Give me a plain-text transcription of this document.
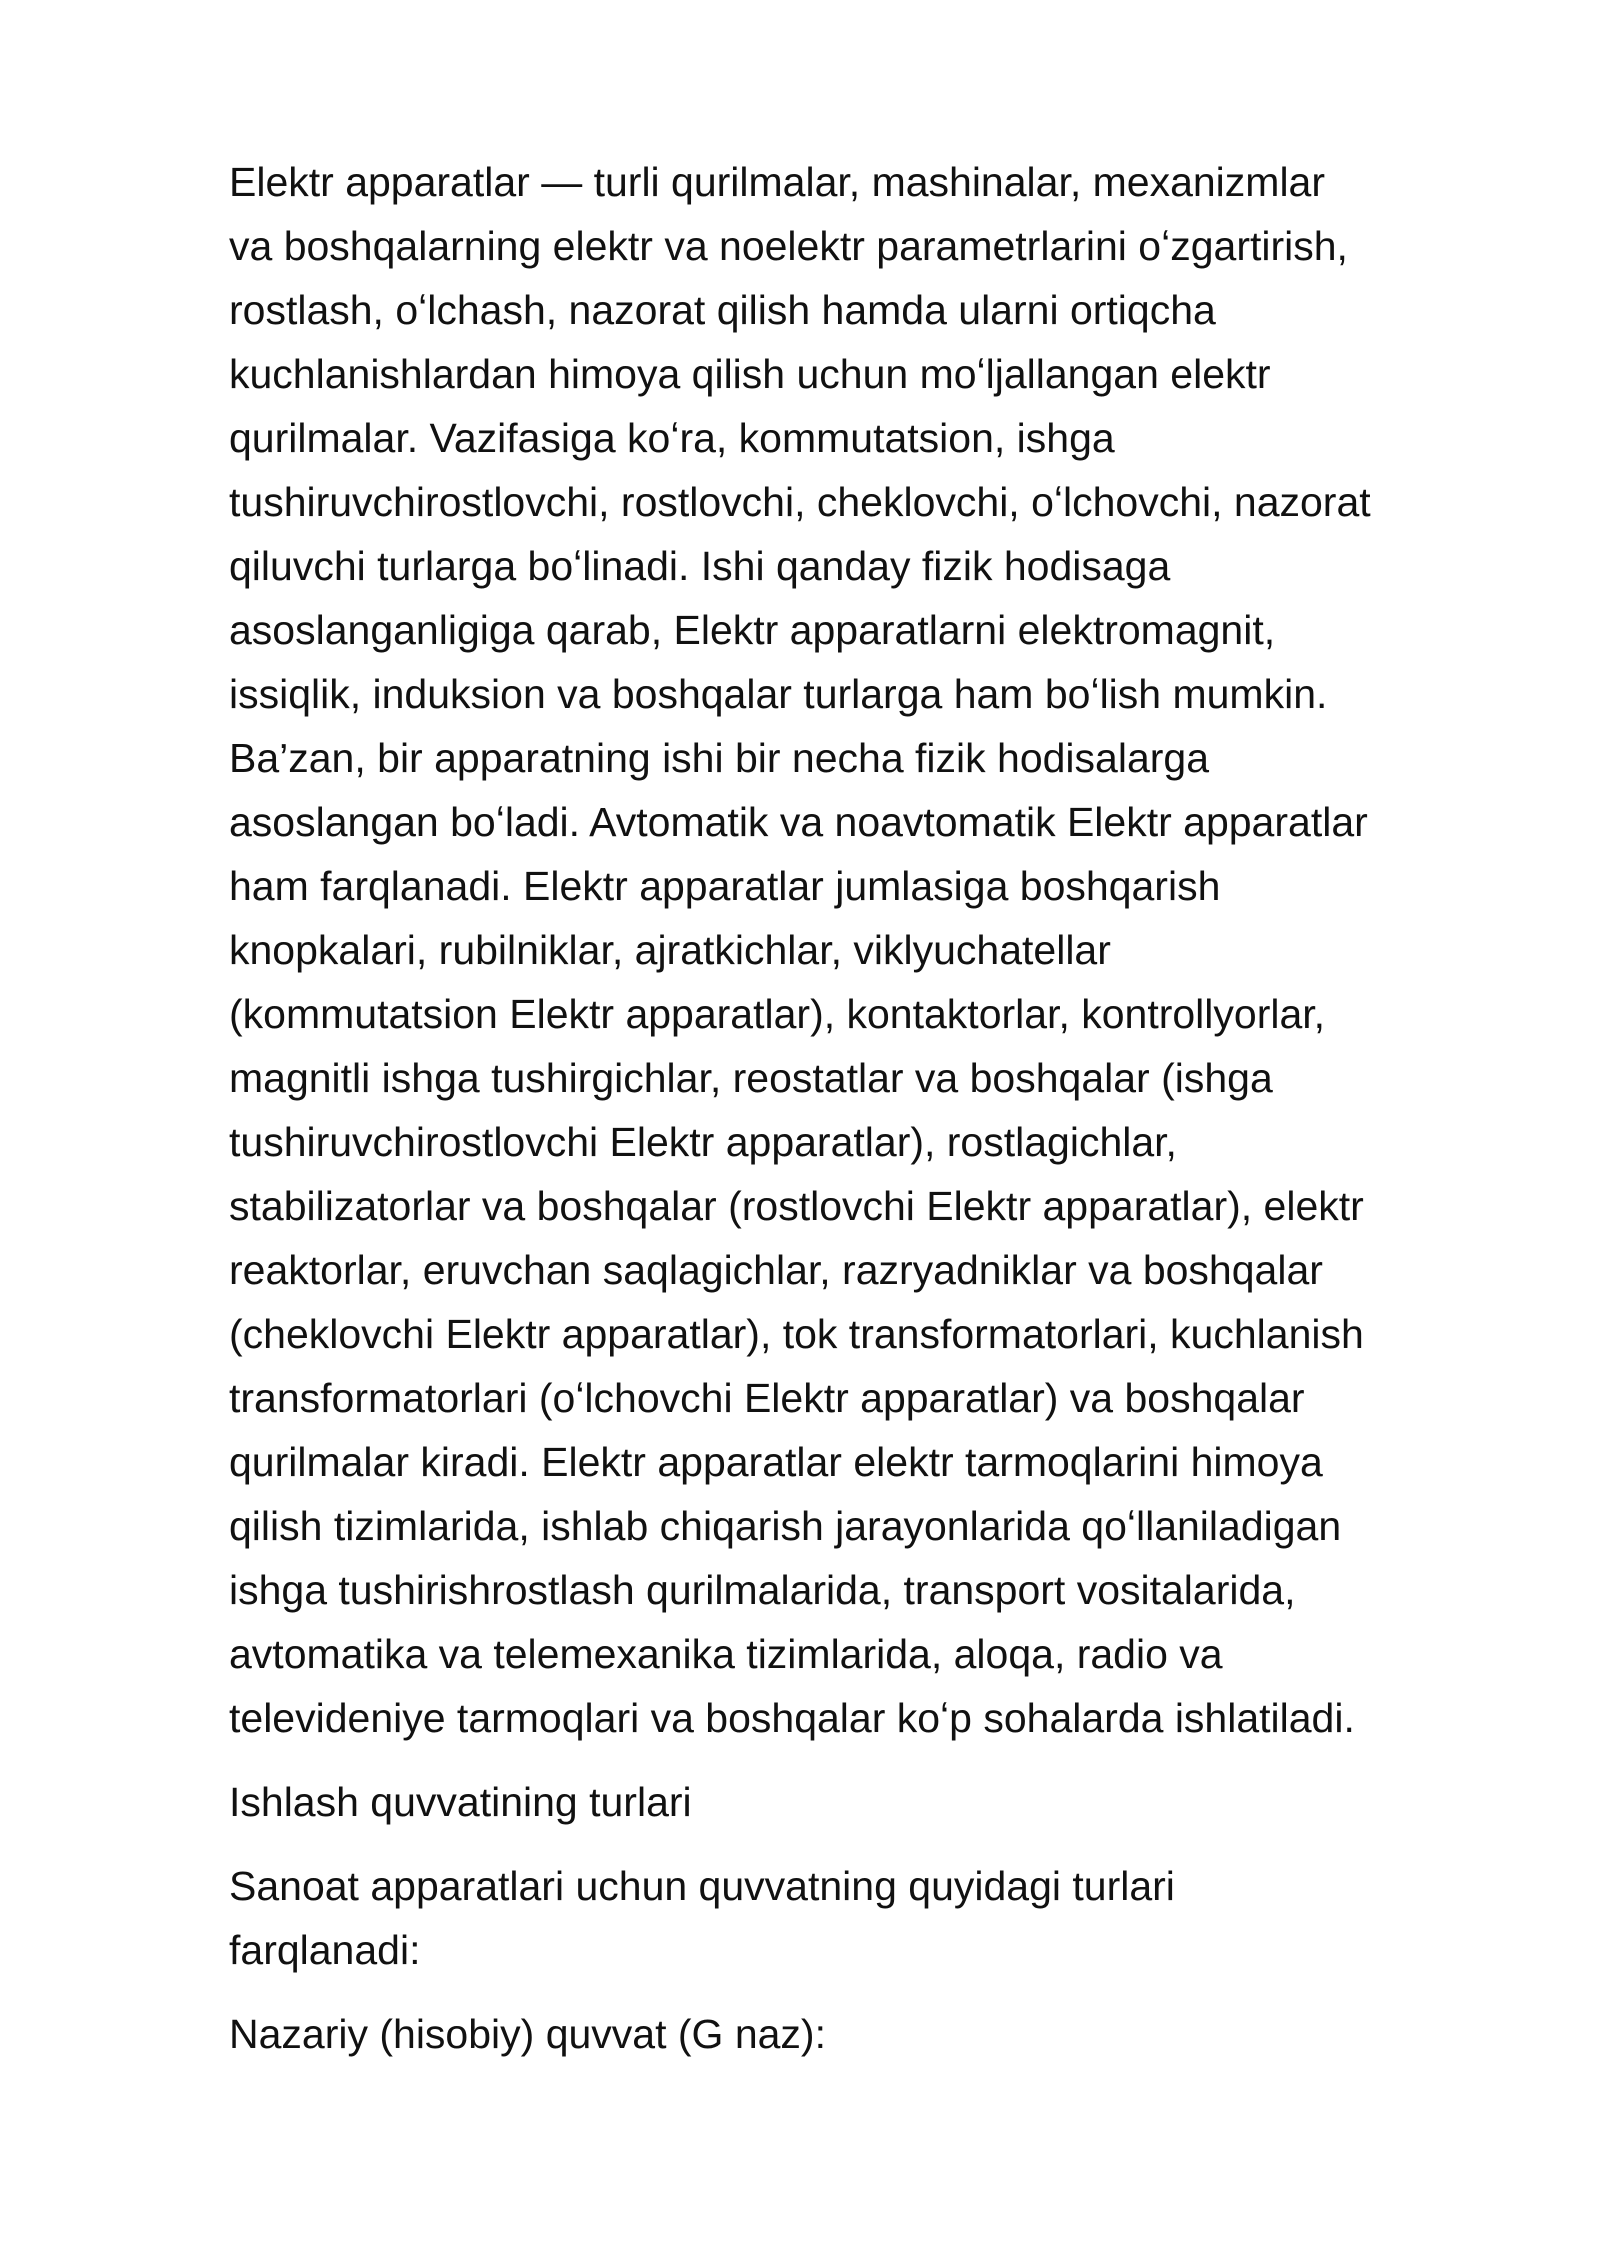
Elektr apparatlar — turli qurilmalar, mashinalar, mexanizmlar
va boshqalarning elektr va noelektr parametrlarini oʻzgartirish,
rostlash, oʻlchash, nazorat qilish hamda ularni ortiqcha
kuchlanishlardan himoya qilish uchun moʻljallangan elektr
qurilmalar. Vazifasiga koʻra, kommutatsion, ishga
tushiruvchirostlovchi, rostlovchi, cheklovchi, oʻlchovchi, nazorat
qiluvchi turlarga boʻlinadi. Ishi qanday fizik hodisaga
asoslanganligiga qarab, Elektr apparatlarni elektromagnit,
issiqlik, induksion va boshqalar turlarga ham boʻlish mumkin.
Ba’zan, bir apparatning ishi bir necha fizik hodisalarga
asoslangan boʻladi. Avtomatik va noavtomatik Elektr apparatlar
ham farqlanadi. Elektr apparatlar jumlasiga boshqarish
knopkalari, rubilniklar, ajratkichlar, viklyuchatellar
(kommutatsion Elektr apparatlar), kontaktorlar, kontrollyorlar,
magnitli ishga tushirgichlar, reostatlar va boshqalar (ishga
tushiruvchirostlovchi Elektr apparatlar), rostlagichlar,
stabilizatorlar va boshqalar (rostlovchi Elektr apparatlar), elektr
reaktorlar, eruvchan saqlagichlar, razryadniklar va boshqalar
(cheklovchi Elektr apparatlar), tok transformatorlari, kuchlanish
transformatorlari (oʻlchovchi Elektr apparatlar) va boshqalar
qurilmalar kiradi. Elektr apparatlar elektr tarmoqlarini himoya
qilish tizimlarida, ishlab chiqarish jarayonlarida qoʻllaniladigan
ishga tushirishrostlash qurilmalarida, transport vositalarida,
avtomatika va telemexanika tizimlarida, aloqa, radio va
televideniye tarmoqlari va boshqalar koʻp sohalarda ishlatiladi.

Ishlash quvvatining turlari

Sanoat apparatlari uchun quvvatning quyidagi turlari
farqlanadi:

Nazariy (hisobiy) quvvat (G naz):
